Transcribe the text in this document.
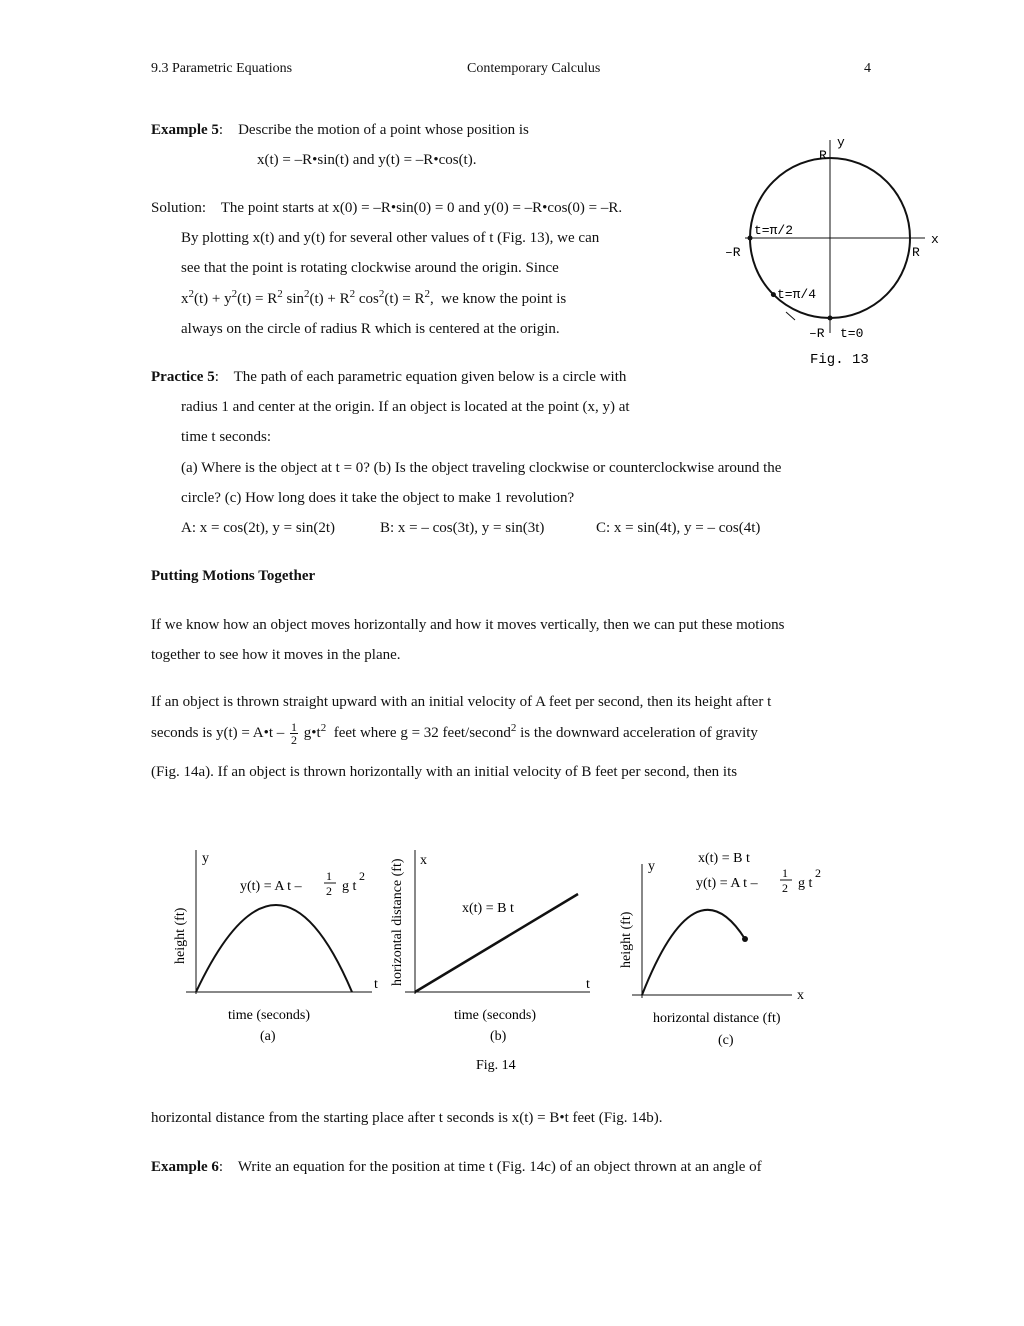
9.3 Parametric Equations	Contemporary Calculus	4
Example 5:    Describe the motion of a point whose position is
x(t) = –R•sin(t) and y(t) = –R•cos(t).
Solution: The point starts at x(0) = –R•sin(0) = 0 and y(0) = –R•cos(0) = –R.
By plotting x(t) and y(t) for several other values of t (Fig. 13), we can
see that the point is rotating clockwise around the origin. Since
$x^2(t) + y^2(t) = R^2$ $\sin^2(t) + R^2$ $\cos^2(t) = R^2$,  we know the point is
always on the circle of radius R which is centered at the origin.
y
R
x
–R	R
t=π/2
t=π/4
–R t=0
Fig. 13
Practice 5:    The path of each parametric equation given below is a circle with
radius 1 and center at the origin. If an object is located at the point (x, y) at
time t seconds:
(a) Where is the object at t = 0? (b) Is the object traveling clockwise or counterclockwise around the
circle? (c) How long does it take the object to make 1 revolution?
A: x = cos(2t), y = sin(2t)	B: x = – cos(3t), y = sin(3t)	C: x = sin(4t), y = – cos(4t)
Putting Motions Together
If we know how an object moves horizontally and how it moves vertically, then we can put these motions
together to see how it moves in the plane.
If an object is thrown straight upward with an initial velocity of A feet per second, then its height after t
seconds is y(t) = A•t – $\frac{1}{2}$ $g•t^2$ feet where g = 32 feet/second$^2$ is the downward acceleration of gravity
(Fig. 14a). If an object is thrown horizontally with an initial velocity of B feet per second, then its
y
t
height (ft)
y(t) = A t –
1
2 g t
2
time (seconds)
(a)
x
t
horizontal distance (ft)	x(t) = B t
time (seconds)
(b)
y
x
height (ft)
x(t) = B t
y(t) = A t –
1
2 g t
2
horizontal distance (ft)
(c)
Fig. 14
horizontal distance from the starting place after t seconds is x(t) = B•t feet (Fig. 14b).
Example 6:    Write an equation for the position at time t (Fig. 14c) of an object thrown at an angle of
